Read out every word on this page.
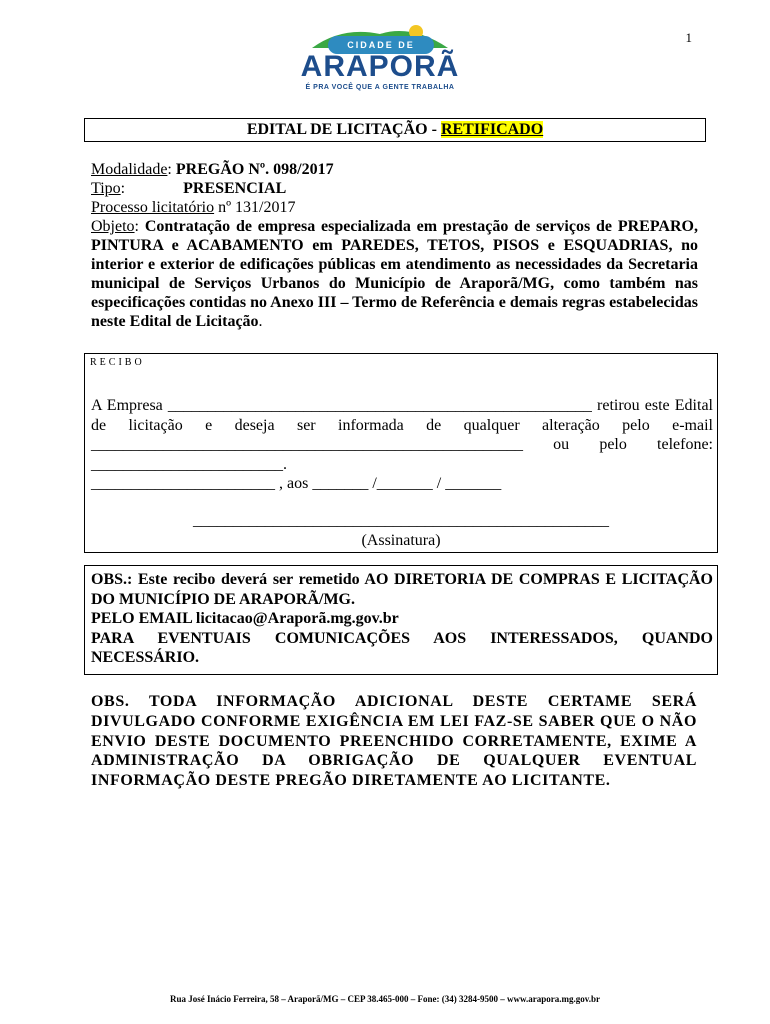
1
CIDADE DE
ARAPORÃ
É PRA VOCÊ QUE A GENTE TRABALHA
EDITAL DE LICITAÇÃO - RETIFICADO
Modalidade: PREGÃO Nº. 098/2017
Tipo:	PRESENCIAL
Processo licitatório nº 131/2017
Objeto: Contratação de empresa especializada em prestação de serviços de PREPARO, PINTURA e ACABAMENTO em PAREDES, TETOS, PISOS e ESQUADRIAS, no interior e exterior de edificações públicas em atendimento as necessidades da Secretaria municipal de Serviços Urbanos do Município de Araporã/MG, como também nas especificações contidas no Anexo III – Termo de Referência e demais regras estabelecidas neste Edital de Licitação.
RECIBO
A Empresa _____________________________________________________ retirou este Edital de licitação e deseja ser informada de qualquer alteração pelo e-mail ______________________________________________________ ou pelo telefone: ________________________.
_______________________ , aos _______ /_______ / _______
____________________________________________________
(Assinatura)
OBS.: Este recibo deverá ser remetido AO DIRETORIA DE COMPRAS E LICITAÇÃO DO MUNICÍPIO DE ARAPORÃ/MG.
PELO EMAIL licitacao@Araporã.mg.gov.br
PARA EVENTUAIS COMUNICAÇÕES AOS INTERESSADOS, QUANDO NECESSÁRIO.
OBS. TODA INFORMAÇÃO ADICIONAL DESTE CERTAME SERÁ DIVULGADO CONFORME EXIGÊNCIA EM LEI FAZ-SE SABER QUE O NÃO ENVIO DESTE DOCUMENTO PREENCHIDO CORRETAMENTE, EXIME A ADMINISTRAÇÃO DA OBRIGAÇÃO DE QUALQUER EVENTUAL INFORMAÇÃO DESTE PREGÃO DIRETAMENTE AO LICITANTE.
Rua José Inácio Ferreira, 58 – Araporã/MG – CEP 38.465-000 – Fone: (34) 3284-9500 – www.arapora.mg.gov.br
